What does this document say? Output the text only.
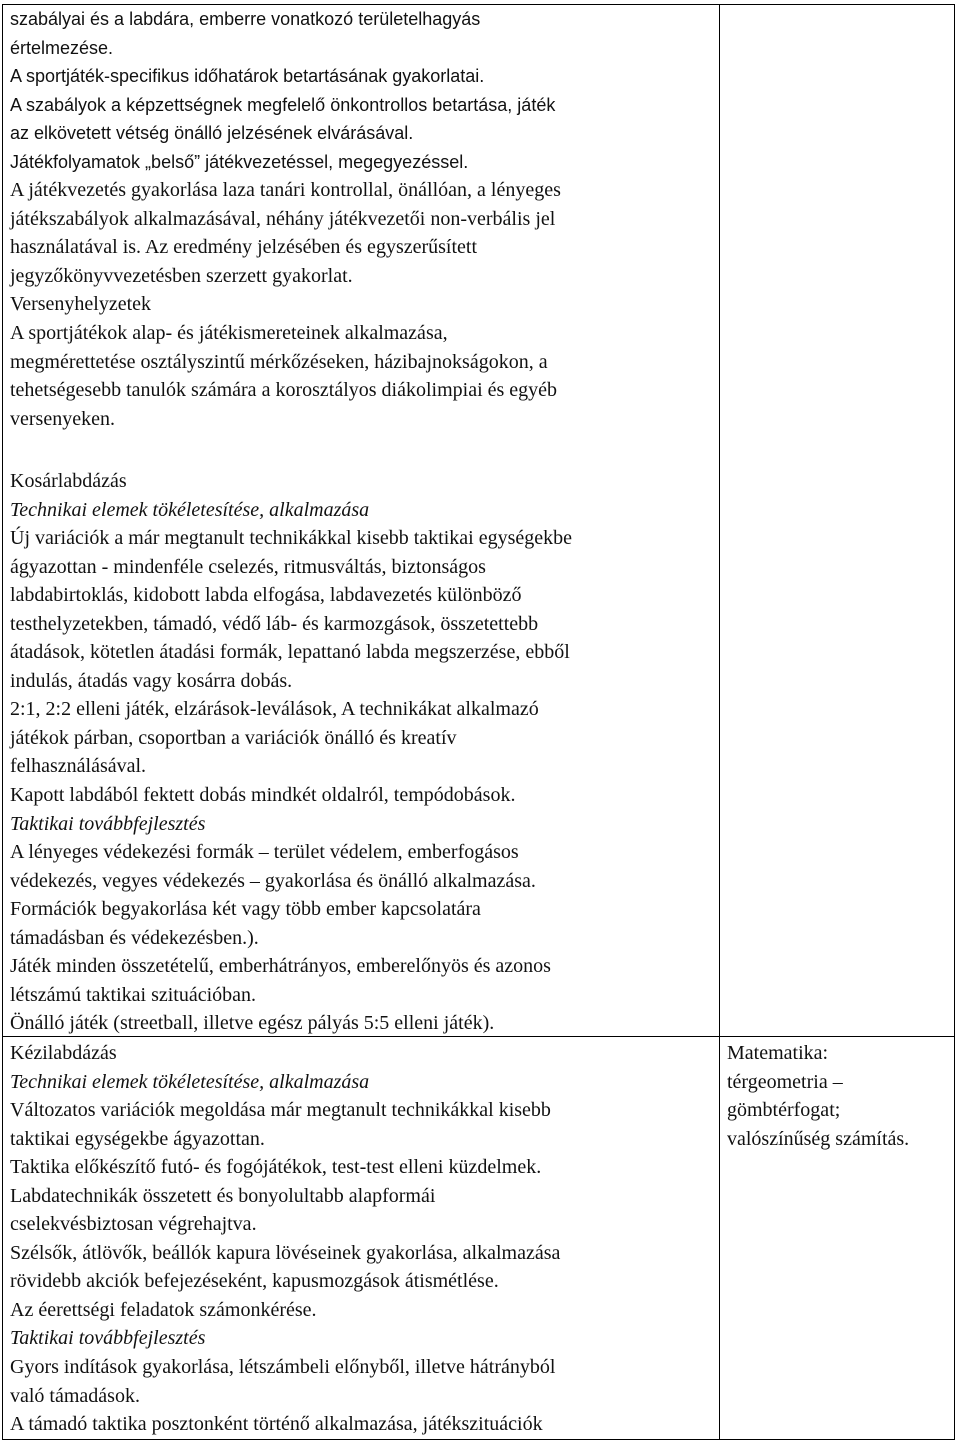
szabályai és a labdára, emberre vonatkozó területelhagyás
értelmezése.
A sportjáték-specifikus időhatárok betartásának gyakorlatai.
A szabályok a képzettségnek megfelelő önkontrollos betartása, játék
az elkövetett vétség önálló jelzésének elvárásával.
Játékfolyamatok „belső” játékvezetéssel, megegyezéssel.
A játékvezetés gyakorlása laza tanári kontrollal, önállóan, a lényeges
játékszabályok alkalmazásával, néhány játékvezetői non-verbális jel
használatával is. Az eredmény jelzésében és egyszerűsített
jegyzőkönyvvezetésben szerzett gyakorlat.
Versenyhelyzetek
A sportjátékok alap- és játékismereteinek alkalmazása,
megmérettetése osztályszintű mérkőzéseken, házibajnokságokon, a
tehetségesebb tanulók számára a korosztályos diákolimpiai és egyéb
versenyeken.
Kosárlabdázás
Technikai elemek tökéletesítése, alkalmazása
Új variációk a már megtanult technikákkal kisebb taktikai egységekbe
ágyazottan - mindenféle cselezés, ritmusváltás, biztonságos
labdabirtoklás, kidobott labda elfogása, labdavezetés különböző
testhelyzetekben, támadó, védő láb- és karmozgások, összetettebb
átadások, kötetlen átadási formák, lepattanó labda megszerzése, ebből
indulás, átadás vagy kosárra dobás.
2:1, 2:2 elleni játék, elzárások-leválások, A technikákat alkalmazó
játékok párban, csoportban a variációk önálló és kreatív
felhasználásával.
Kapott labdából fektett dobás mindkét oldalról, tempódobások.
Taktikai továbbfejlesztés
A lényeges védekezési formák – terület védelem, emberfogásos
védekezés, vegyes védekezés – gyakorlása és önálló alkalmazása.
Formációk begyakorlása két vagy több ember kapcsolatára
támadásban és védekezésben.).
Játék minden összetételű, emberhátrányos, emberelőnyös és azonos
létszámú taktikai szituációban.
Önálló játék (streetball, illetve egész pályás 5:5 elleni játék).
Kézilabdázás
Technikai elemek tökéletesítése, alkalmazása
Változatos variációk megoldása már megtanult technikákkal kisebb
taktikai egységekbe ágyazottan.
Taktika előkészítő futó- és fogójátékok, test-test elleni küzdelmek.
Labdatechnikák összetett és bonyolultabb alapformái
cselekvésbiztosan végrehajtva.
Szélsők, átlövők, beállók kapura lövéseinek gyakorlása, alkalmazása
rövidebb akciók befejezéseként, kapusmozgások átismétlése.
Az éerettségi feladatok számonkérése.
Taktikai továbbfejlesztés
Gyors indítások gyakorlása, létszámbeli előnyből, illetve hátrányból
való támadások.
A támadó taktika posztonként történő alkalmazása, játékszituációk
Matematika:
térgeometria –
gömbtérfogat;
valószínűség számítás.
